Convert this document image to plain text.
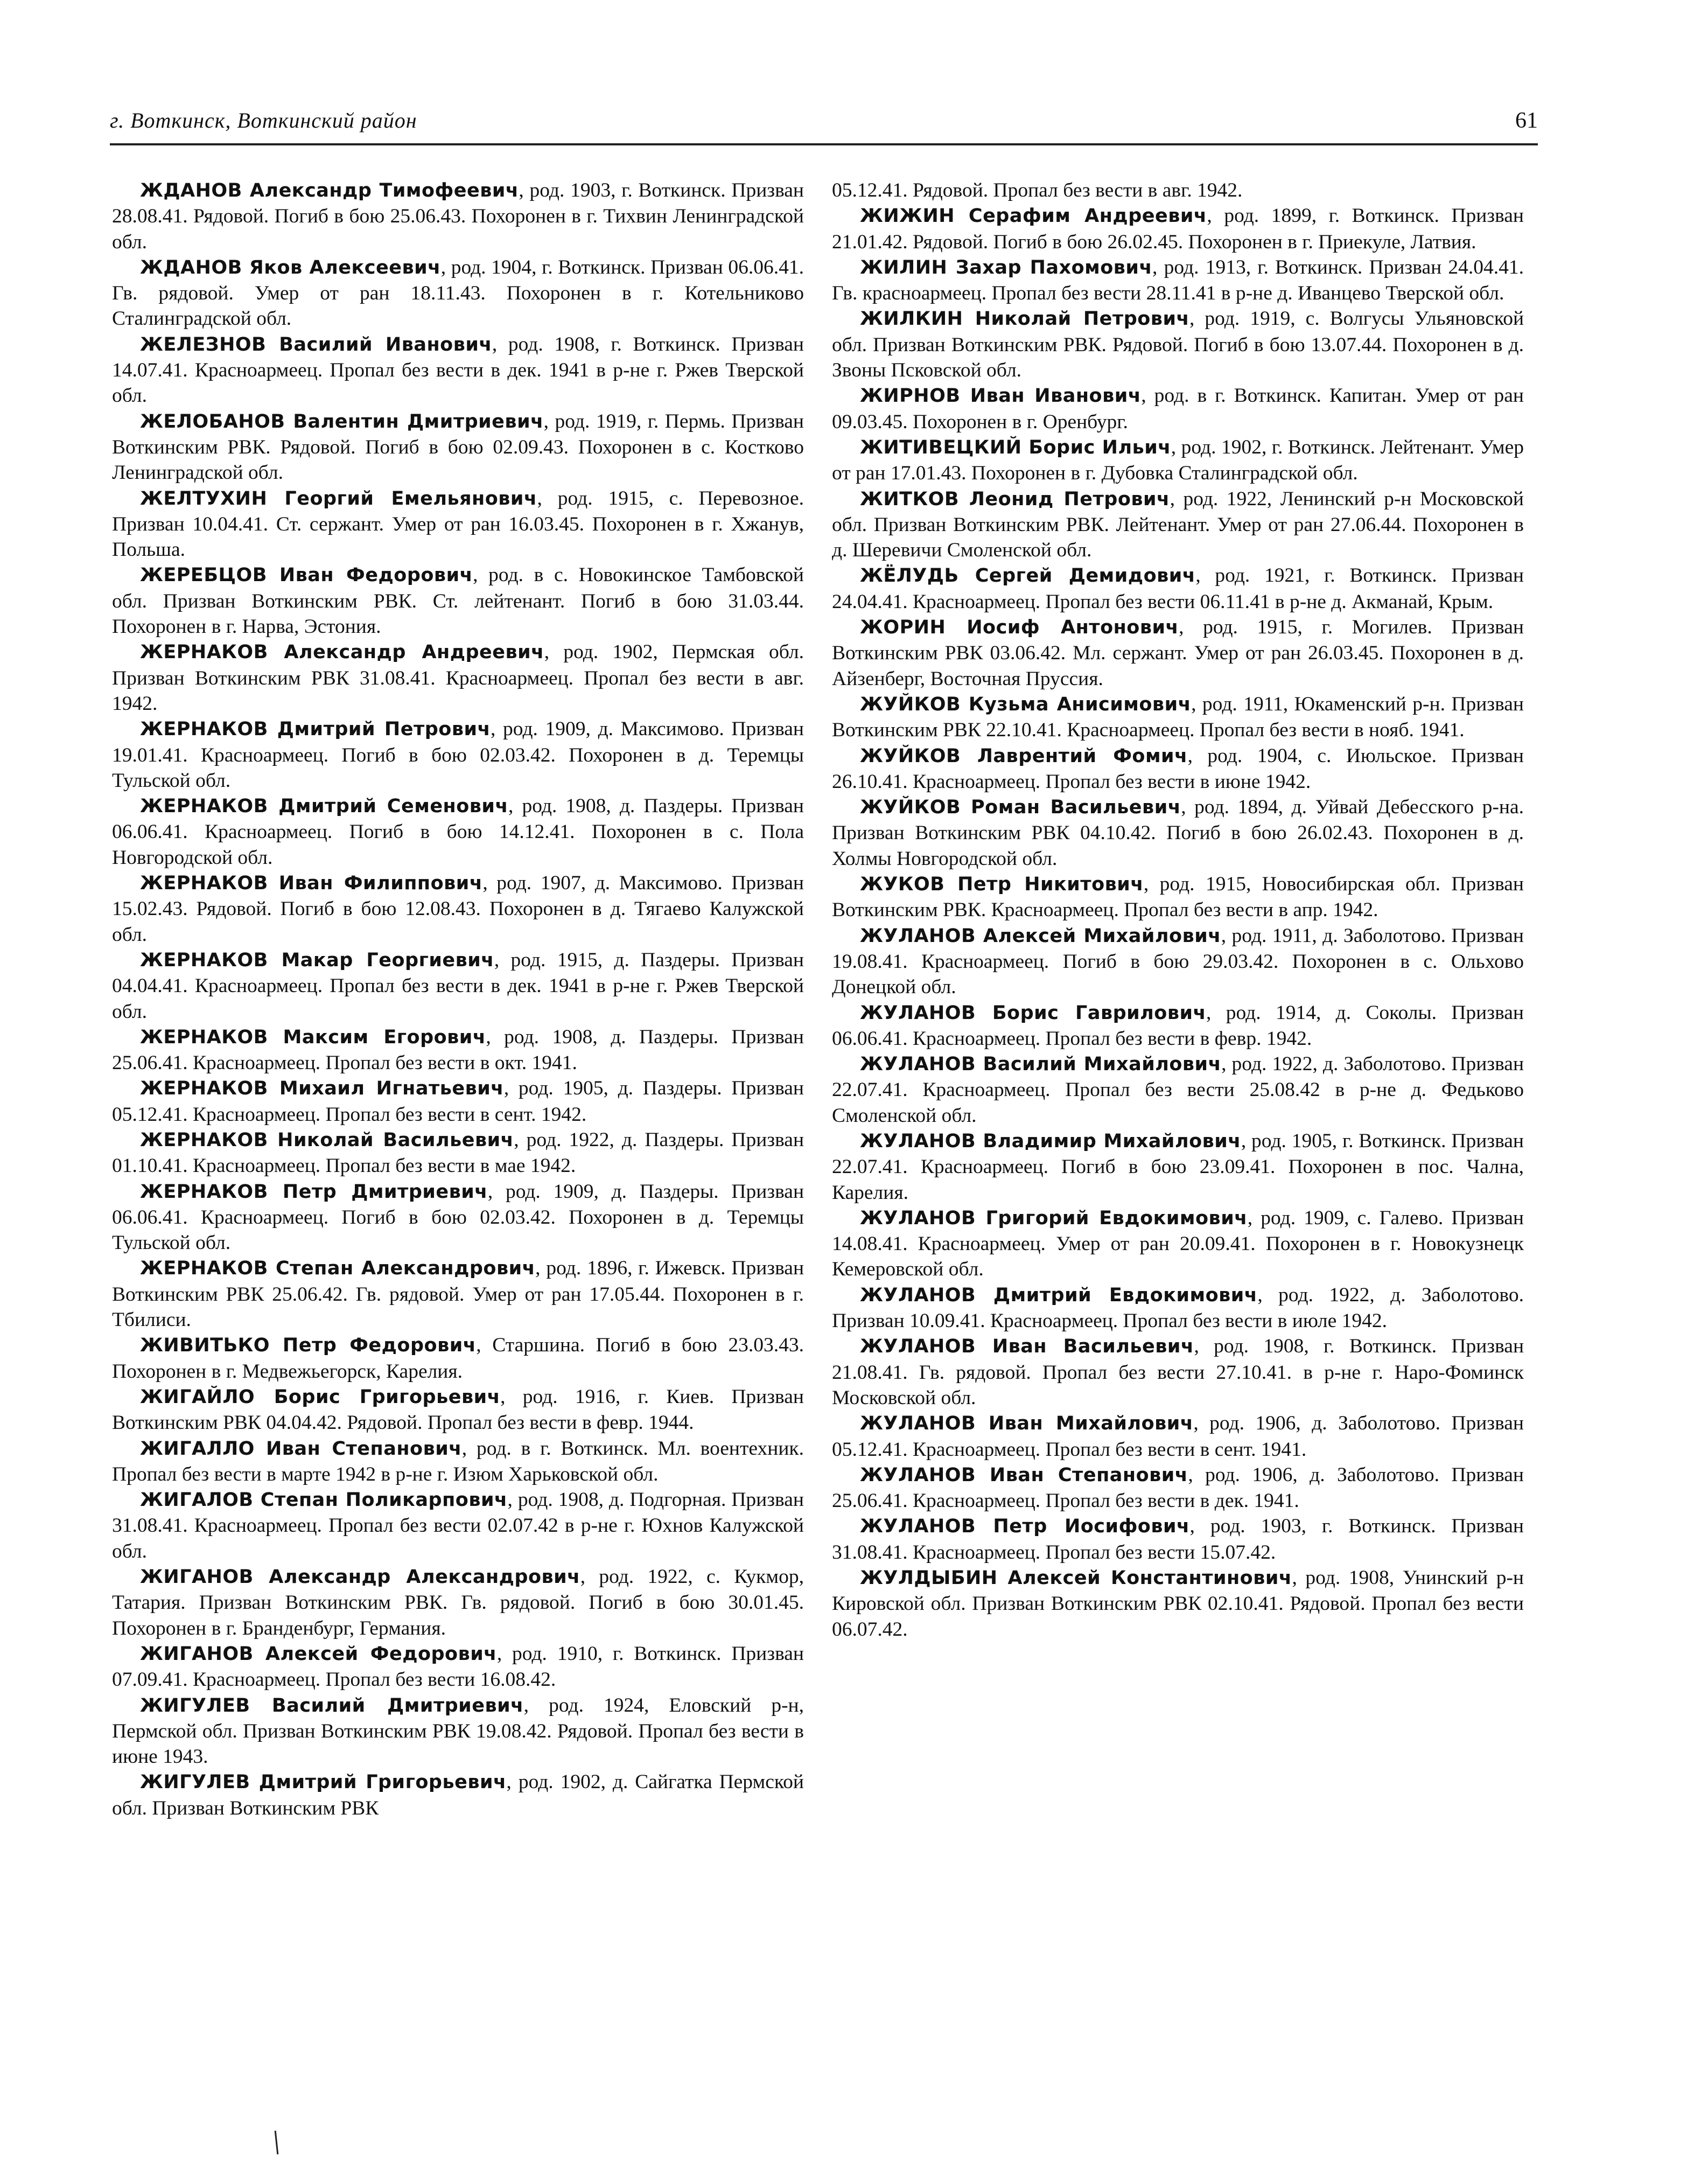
г. Воткинск, Воткинский район	61

ЖДАНОВ Александр Тимофеевич, род. 1903, г. Воткинск. Призван 28.08.41. Рядовой. Погиб в бою 25.06.43. Похоронен в г. Тихвин Ленинградской обл.

ЖДАНОВ Яков Алексеевич, род. 1904, г. Воткинск. Призван 06.06.41. Гв. рядовой. Умер от ран 18.11.43. Похоронен в г. Котельниково Сталинградской обл.

ЖЕЛЕЗНОВ Василий Иванович, род. 1908, г. Воткинск. Призван 14.07.41. Красноармеец. Пропал без вести в дек. 1941 в р-не г. Ржев Тверской обл.

ЖЕЛОБАНОВ Валентин Дмитриевич, род. 1919, г. Пермь. Призван Воткинским РВК. Рядовой. Погиб в бою 02.09.43. Похоронен в с. Костково Ленинградской обл.

ЖЕЛТУХИН Георгий Емельянович, род. 1915, с. Перевозное. Призван 10.04.41. Ст. сержант. Умер от ран 16.03.45. Похоронен в г. Хжанув, Польша.

ЖЕРЕБЦОВ Иван Федорович, род. в с. Новокинское Тамбовской обл. Призван Воткинским РВК. Ст. лейтенант. Погиб в бою 31.03.44. Похоронен в г. Нарва, Эстония.

ЖЕРНАКОВ Александр Андреевич, род. 1902, Пермская обл. Призван Воткинским РВК 31.08.41. Красноармеец. Пропал без вести в авг. 1942.

ЖЕРНАКОВ Дмитрий Петрович, род. 1909, д. Максимово. Призван 19.01.41. Красноармеец. Погиб в бою 02.03.42. Похоронен в д. Теремцы Тульской обл.

ЖЕРНАКОВ Дмитрий Семенович, род. 1908, д. Паздеры. Призван 06.06.41. Красноармеец. Погиб в бою 14.12.41. Похоронен в с. Пола Новгородской обл.

ЖЕРНАКОВ Иван Филиппович, род. 1907, д. Максимово. Призван 15.02.43. Рядовой. Погиб в бою 12.08.43. Похоронен в д. Тягаево Калужской обл.

ЖЕРНАКОВ Макар Георгиевич, род. 1915, д. Паздеры. Призван 04.04.41. Красноармеец. Пропал без вести в дек. 1941 в р-не г. Ржев Тверской обл.

ЖЕРНАКОВ Максим Егорович, род. 1908, д. Паздеры. Призван 25.06.41. Красноармеец. Пропал без вести в окт. 1941.

ЖЕРНАКОВ Михаил Игнатьевич, род. 1905, д. Паздеры. Призван 05.12.41. Красноармеец. Пропал без вести в сент. 1942.

ЖЕРНАКОВ Николай Васильевич, род. 1922, д. Паздеры. Призван 01.10.41. Красноармеец. Пропал без вести в мае 1942.

ЖЕРНАКОВ Петр Дмитриевич, род. 1909, д. Паздеры. Призван 06.06.41. Красноармеец. Погиб в бою 02.03.42. Похоронен в д. Теремцы Тульской обл.

ЖЕРНАКОВ Степан Александрович, род. 1896, г. Ижевск. Призван Воткинским РВК 25.06.42. Гв. рядовой. Умер от ран 17.05.44. Похоронен в г. Тбилиси.

ЖИВИТЬКО Петр Федорович, Старшина. Погиб в бою 23.03.43. Похоронен в г. Медвежьегорск, Карелия.

ЖИГАЙЛО Борис Григорьевич, род. 1916, г. Киев. Призван Воткинским РВК 04.04.42. Рядовой. Пропал без вести в февр. 1944.

ЖИГАЛЛО Иван Степанович, род. в г. Воткинск. Мл. воентехник. Пропал без вести в марте 1942 в р-не г. Изюм Харьковской обл.

ЖИГАЛОВ Степан Поликарпович, род. 1908, д. Подгорная. Призван 31.08.41. Красноармеец. Пропал без вести 02.07.42 в р-не г. Юхнов Калужской обл.

ЖИГАНОВ Александр Александрович, род. 1922, с. Кукмор, Татария. Призван Воткинским РВК. Гв. рядовой. Погиб в бою 30.01.45. Похоронен в г. Бранденбург, Германия.

ЖИГАНОВ Алексей Федорович, род. 1910, г. Воткинск. Призван 07.09.41. Красноармеец. Пропал без вести 16.08.42.

ЖИГУЛЕВ Василий Дмитриевич, род. 1924, Еловский р-н, Пермской обл. Призван Воткинским РВК 19.08.42. Рядовой. Пропал без вести в июне 1943.

ЖИГУЛЕВ Дмитрий Григорьевич, род. 1902, д. Сайгатка Пермской обл. Призван Воткинским РВК

05.12.41. Рядовой. Пропал без вести в авг. 1942.

ЖИЖИН Серафим Андреевич, род. 1899, г. Воткинск. Призван 21.01.42. Рядовой. Погиб в бою 26.02.45. Похоронен в г. Приекуле, Латвия.

ЖИЛИН Захар Пахомович, род. 1913, г. Воткинск. Призван 24.04.41. Гв. красноармеец. Пропал без вести 28.11.41 в р-не д. Иванцево Тверской обл.

ЖИЛКИН Николай Петрович, род. 1919, с. Волгусы Ульяновской обл. Призван Воткинским РВК. Рядовой. Погиб в бою 13.07.44. Похоронен в д. Звоны Псковской обл.

ЖИРНОВ Иван Иванович, род. в г. Воткинск. Капитан. Умер от ран 09.03.45. Похоронен в г. Оренбург.

ЖИТИВЕЦКИЙ Борис Ильич, род. 1902, г. Воткинск. Лейтенант. Умер от ран 17.01.43. Похоронен в г. Дубовка Сталинградской обл.

ЖИТКОВ Леонид Петрович, род. 1922, Ленинский р-н Московской обл. Призван Воткинским РВК. Лейтенант. Умер от ран 27.06.44. Похоронен в д. Шеревичи Смоленской обл.

ЖЁЛУДЬ Сергей Демидович, род. 1921, г. Воткинск. Призван 24.04.41. Красноармеец. Пропал без вести 06.11.41 в р-не д. Акманай, Крым.

ЖОРИН Иосиф Антонович, род. 1915, г. Могилев. Призван Воткинским РВК 03.06.42. Мл. сержант. Умер от ран 26.03.45. Похоронен в д. Айзенберг, Восточная Пруссия.

ЖУЙКОВ Кузьма Анисимович, род. 1911, Юкаменский р-н. Призван Воткинским РВК 22.10.41. Красноармеец. Пропал без вести в нояб. 1941.

ЖУЙКОВ Лаврентий Фомич, род. 1904, с. Июльское. Призван 26.10.41. Красноармеец. Пропал без вести в июне 1942.

ЖУЙКОВ Роман Васильевич, род. 1894, д. Уйвай Дебесского р-на. Призван Воткинским РВК 04.10.42. Погиб в бою 26.02.43. Похоронен в д. Холмы Новгородской обл.

ЖУКОВ Петр Никитович, род. 1915, Новосибирская обл. Призван Воткинским РВК. Красноармеец. Пропал без вести в апр. 1942.

ЖУЛАНОВ Алексей Михайлович, род. 1911, д. Заболотово. Призван 19.08.41. Красноармеец. Погиб в бою 29.03.42. Похоронен в с. Ольхово Донецкой обл.

ЖУЛАНОВ Борис Гаврилович, род. 1914, д. Соколы. Призван 06.06.41. Красноармеец. Пропал без вести в февр. 1942.

ЖУЛАНОВ Василий Михайлович, род. 1922, д. Заболотово. Призван 22.07.41. Красноармеец. Пропал без вести 25.08.42 в р-не д. Федьково Смоленской обл.

ЖУЛАНОВ Владимир Михайлович, род. 1905, г. Воткинск. Призван 22.07.41. Красноармеец. Погиб в бою 23.09.41. Похоронен в пос. Чална, Карелия.

ЖУЛАНОВ Григорий Евдокимович, род. 1909, с. Галево. Призван 14.08.41. Красноармеец. Умер от ран 20.09.41. Похоронен в г. Новокузнецк Кемеровской обл.

ЖУЛАНОВ Дмитрий Евдокимович, род. 1922, д. Заболотово. Призван 10.09.41. Красноармеец. Пропал без вести в июле 1942.

ЖУЛАНОВ Иван Васильевич, род. 1908, г. Воткинск. Призван 21.08.41. Гв. рядовой. Пропал без вести 27.10.41. в р-не г. Наро-Фоминск Московской обл.

ЖУЛАНОВ Иван Михайлович, род. 1906, д. Заболотово. Призван 05.12.41. Красноармеец. Пропал без вести в сент. 1941.

ЖУЛАНОВ Иван Степанович, род. 1906, д. Заболотово. Призван 25.06.41. Красноармеец. Пропал без вести в дек. 1941.

ЖУЛАНОВ Петр Иосифович, род. 1903, г. Воткинск. Призван 31.08.41. Красноармеец. Пропал без вести 15.07.42.

ЖУЛДЫБИН Алексей Константинович, род. 1908, Унинский р-н Кировской обл. Призван Воткинским РВК 02.10.41. Рядовой. Пропал без вести 06.07.42.
